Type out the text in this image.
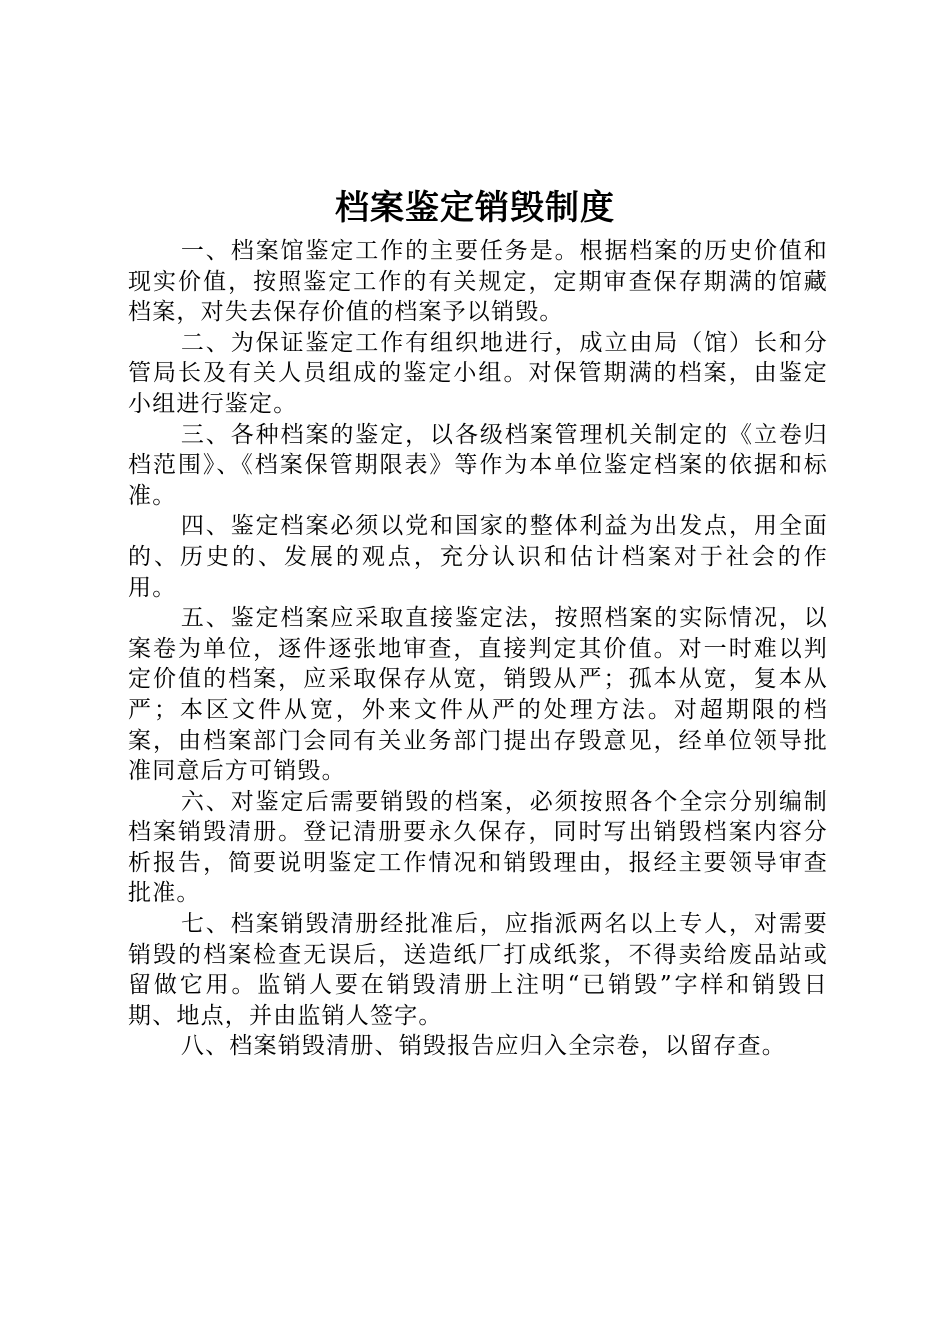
档案鉴定销毁制度

一、档案馆鉴定工作的主要任务是。根据档案的历史价值和现实价值，按照鉴定工作的有关规定，定期审查保存期满的馆藏档案，对失去保存价值的档案予以销毁。

二、为保证鉴定工作有组织地进行，成立由局（馆）长和分管局长及有关人员组成的鉴定小组。对保管期满的档案，由鉴定小组进行鉴定。

三、各种档案的鉴定，以各级档案管理机关制定的《立卷归档范围》、《档案保管期限表》等作为本单位鉴定档案的依据和标准。

四、鉴定档案必须以党和国家的整体利益为出发点，用全面的、历史的、发展的观点，充分认识和估计档案对于社会的作用。

五、鉴定档案应采取直接鉴定法，按照档案的实际情况，以案卷为单位，逐件逐张地审查，直接判定其价值。对一时难以判定价值的档案，应采取保存从宽，销毁从严；孤本从宽，复本从严；本区文件从宽，外来文件从严的处理方法。对超期限的档案，由档案部门会同有关业务部门提出存毁意见，经单位领导批准同意后方可销毁。

六、对鉴定后需要销毁的档案，必须按照各个全宗分别编制档案销毁清册。登记清册要永久保存，同时写出销毁档案内容分析报告，简要说明鉴定工作情况和销毁理由，报经主要领导审查批准。

七、档案销毁清册经批准后，应指派两名以上专人，对需要销毁的档案检查无误后，送造纸厂打成纸浆，不得卖给废品站或留做它用。监销人要在销毁清册上注明“已销毁”字样和销毁日期、地点，并由监销人签字。

八、档案销毁清册、销毁报告应归入全宗卷，以留存查。
